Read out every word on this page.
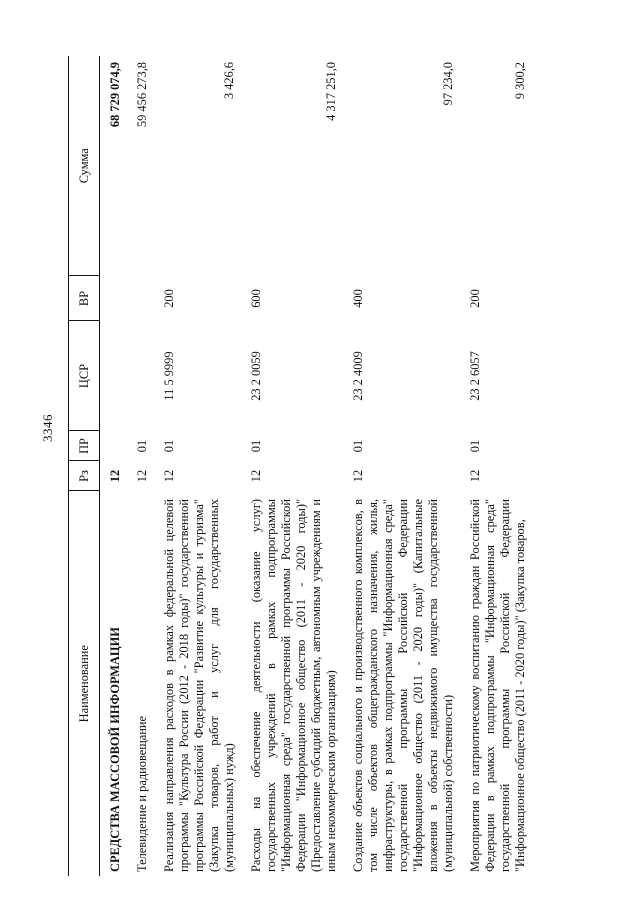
3346
Наименование	Рз	ПР	ЦСР	ВР	Сумма
СРЕДСТВА МАССОВОЙ ИНФОРМАЦИИ	12				68 729 074,9
Телевидение и радиовещание	12	01			59 456 273,8
Реализация направления расходов в рамках федеральной целевой программы "Культура России (2012 - 2018 годы)" государственной программы Российской Федерации "Развитие культуры и туризма" (Закупка товаров, работ и услуг для государственных (муниципальных) нужд)	12	01	11 5 9999	200	3 426,6
Расходы на обеспечение деятельности (оказание услуг) государственных учреждений в рамках подпрограммы "Информационная среда" государственной программы Российской Федерации "Информационное общество (2011 - 2020 годы)" (Предоставление субсидий бюджетным, автономным учреждениям и иным некоммерческим организациям)	12	01	23 2 0059	600	4 317 251,0
Создание объектов социального и производственного комплексов, в том числе объектов общегражданского назначения, жилья, инфраструктуры, в рамках подпрограммы "Информационная среда" государственной программы Российской Федерации "Информационное общество (2011 - 2020 годы)" (Капитальные вложения в объекты недвижимого имущества государственной (муниципальной) собственности)	12	01	23 2 4009	400	97 234,0
Мероприятия по патриотическому воспитанию граждан Российской Федерации в рамках подпрограммы "Информационная среда" государственной программы Российской Федерации "Информационное общество (2011 - 2020 годы)" (Закупка товаров,	12	01	23 2 6057	200	9 300,2
